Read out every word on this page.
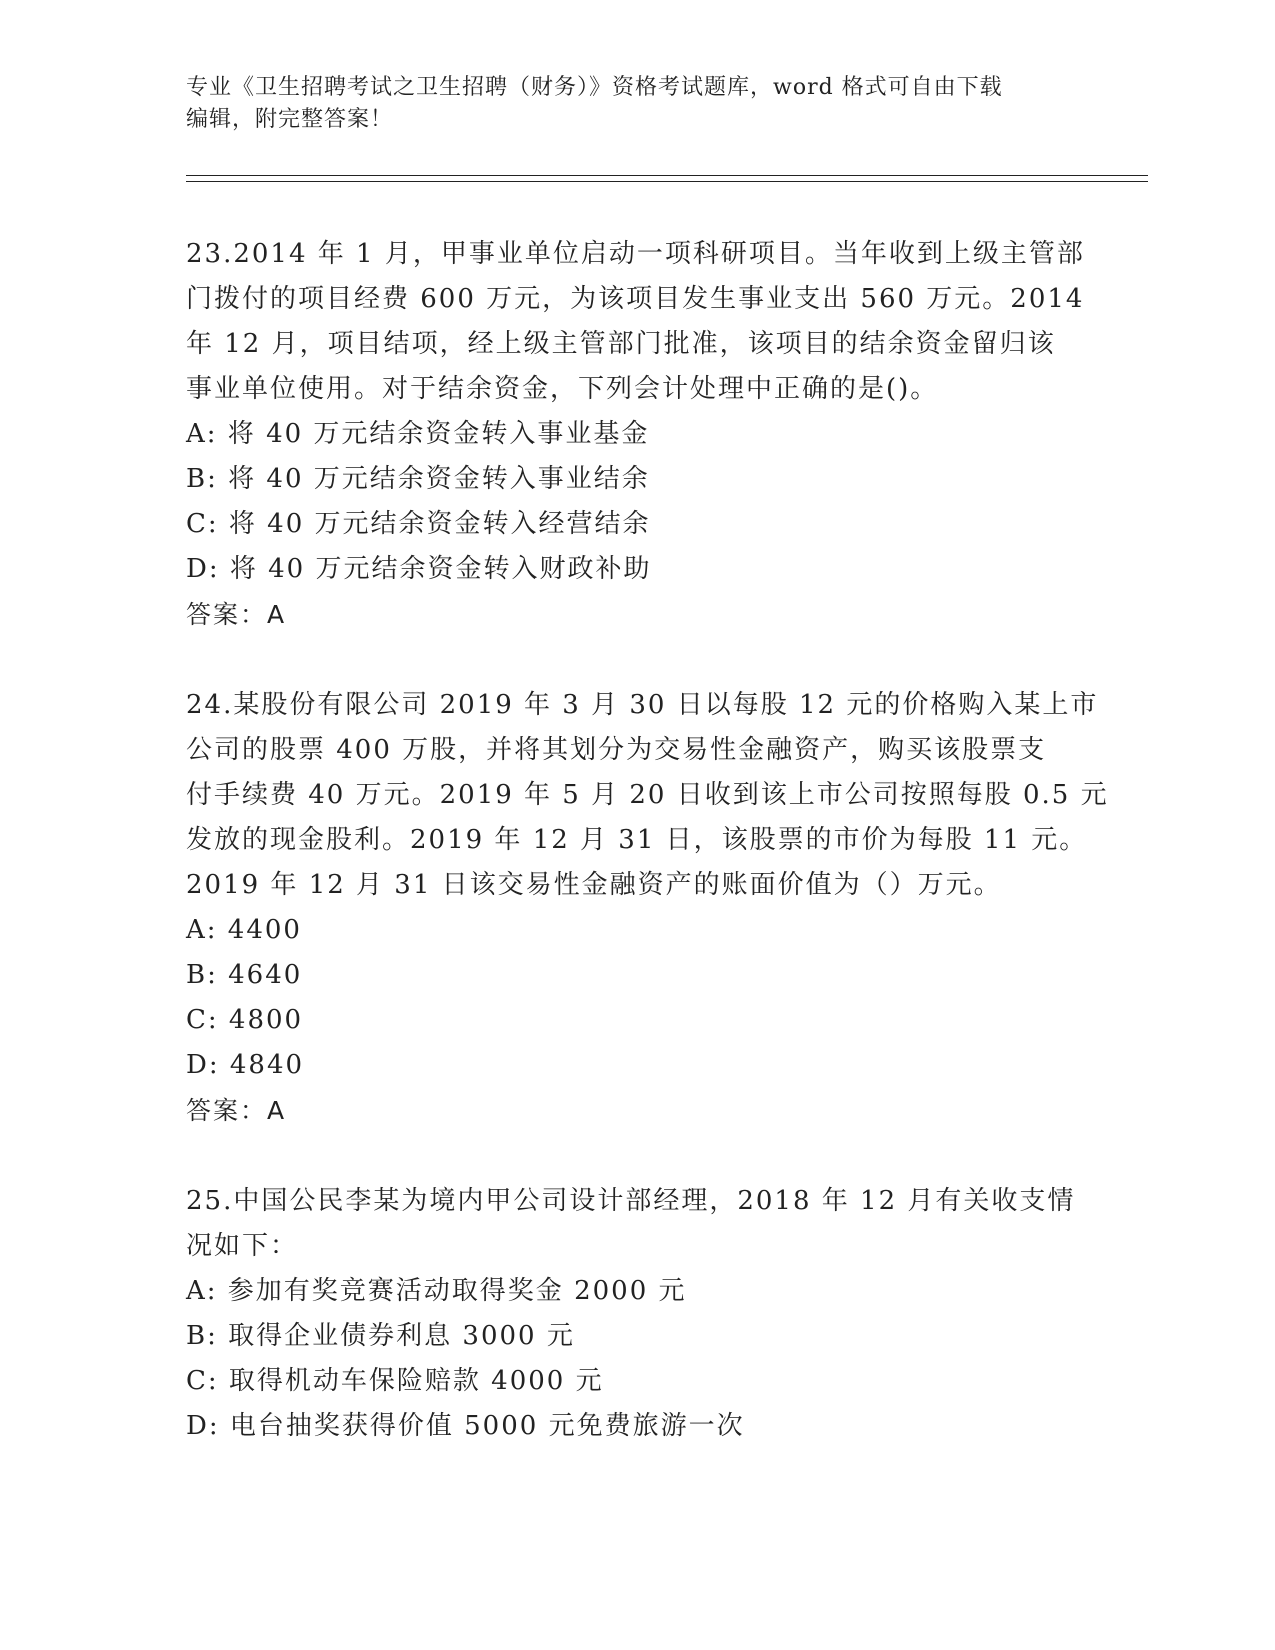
专业《卫生招聘考试之卫生招聘（财务）》资格考试题库，word 格式可自由下载
编辑，附完整答案！
23.2014 年 1 月，甲事业单位启动一项科研项目。当年收到上级主管部
门拨付的项目经费 600 万元，为该项目发生事业支出 560 万元。2014
年 12 月，项目结项，经上级主管部门批准，该项目的结余资金留归该
事业单位使用。对于结余资金，下列会计处理中正确的是()。
A: 将 40 万元结余资金转入事业基金
B: 将 40 万元结余资金转入事业结余
C: 将 40 万元结余资金转入经营结余
D: 将 40 万元结余资金转入财政补助
答案：A
24.某股份有限公司 2019 年 3 月 30 日以每股 12 元的价格购入某上市
公司的股票 400 万股，并将其划分为交易性金融资产，购买该股票支
付手续费 40 万元。2019 年 5 月 20 日收到该上市公司按照每股 0.5 元
发放的现金股利。2019 年 12 月 31 日，该股票的市价为每股 11 元。
2019 年 12 月 31 日该交易性金融资产的账面价值为（）万元。
A: 4400
B: 4640
C: 4800
D: 4840
答案：A
25.中国公民李某为境内甲公司设计部经理，2018 年 12 月有关收支情
况如下：
A: 参加有奖竞赛活动取得奖金 2000 元
B: 取得企业债券利息 3000 元
C: 取得机动车保险赔款 4000 元
D: 电台抽奖获得价值 5000 元免费旅游一次
